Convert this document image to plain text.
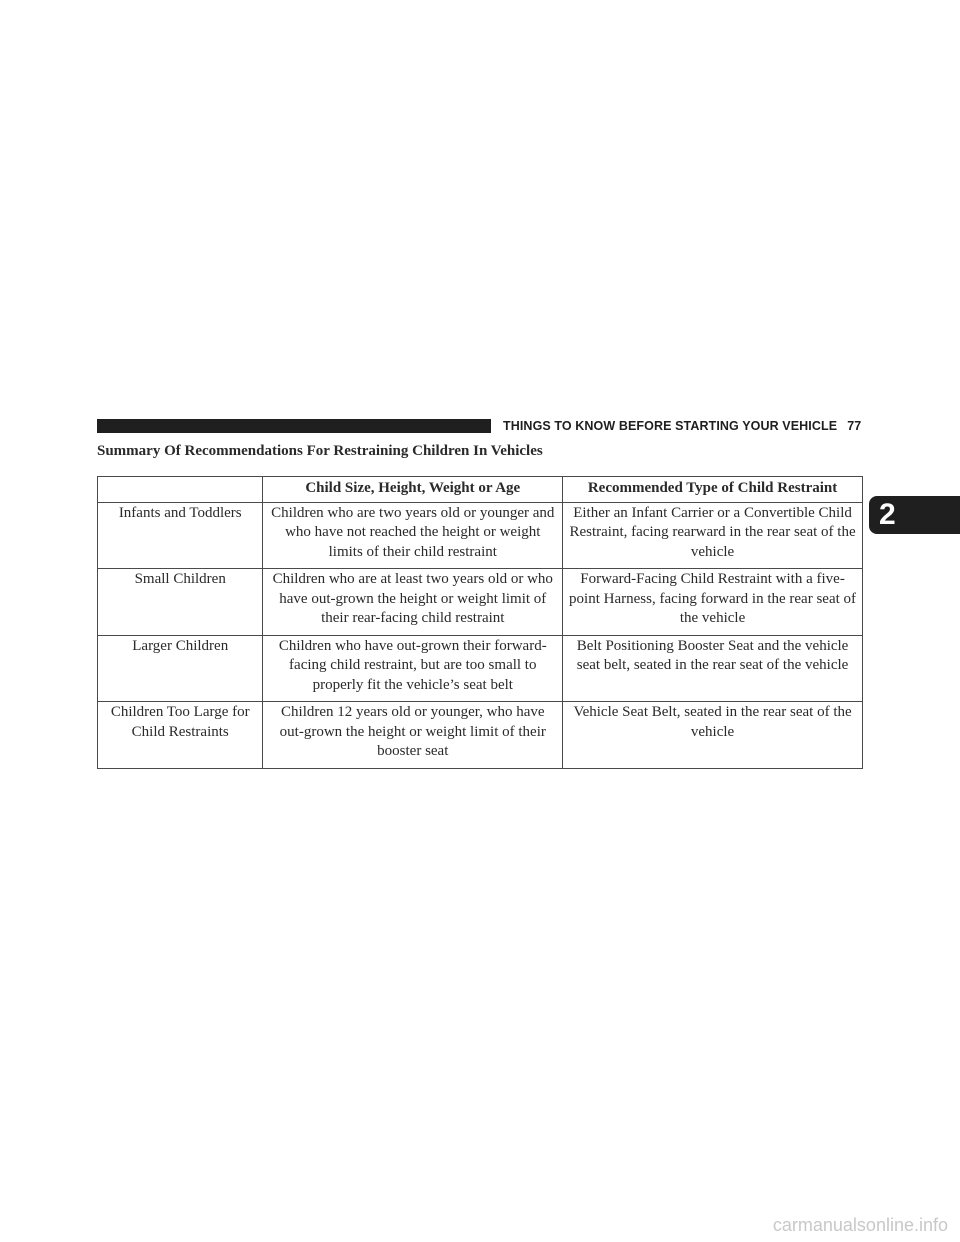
THINGS TO KNOW BEFORE STARTING YOUR VEHICLE 77
2
Summary Of Recommendations For Restraining Children In Vehicles
	Child Size, Height, Weight or Age	Recommended Type of Child Restraint
Infants and Toddlers	Children who are two years old or younger and who have not reached the height or weight limits of their child restraint	Either an Infant Carrier or a Convertible Child Restraint, facing rearward in the rear seat of the vehicle
Small Children	Children who are at least two years old or who have out-grown the height or weight limit of their rear-facing child restraint	Forward-Facing Child Restraint with a five-point Harness, facing forward in the rear seat of the vehicle
Larger Children	Children who have out-grown their forward-facing child restraint, but are too small to properly fit the vehicle’s seat belt	Belt Positioning Booster Seat and the vehicle seat belt, seated in the rear seat of the vehicle
Children Too Large for Child Restraints	Children 12 years old or younger, who have out-grown the height or weight limit of their booster seat	Vehicle Seat Belt, seated in the rear seat of the vehicle
carmanualsonline.info
